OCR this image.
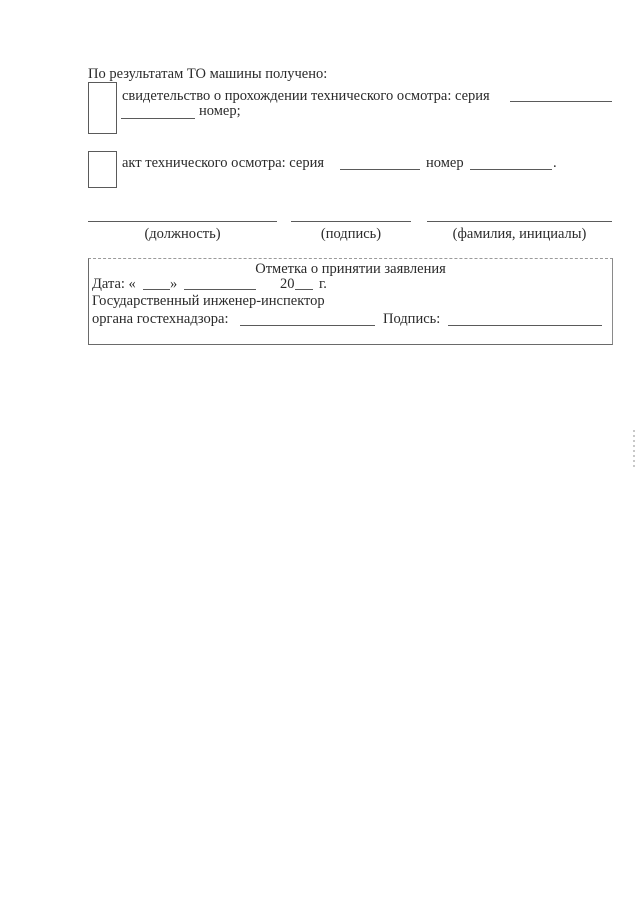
По результатам ТО машины получено:
свидетельство о прохождении технического осмотра: серия
номер;
акт технического осмотра: серия	номер	.
(должность)	(подпись)	(фамилия, инициалы)
Отметка о принятии заявления
Дата: « »	20 г.
Государственный инженер-инспектор
органа гостехнадзора:	Подпись:
